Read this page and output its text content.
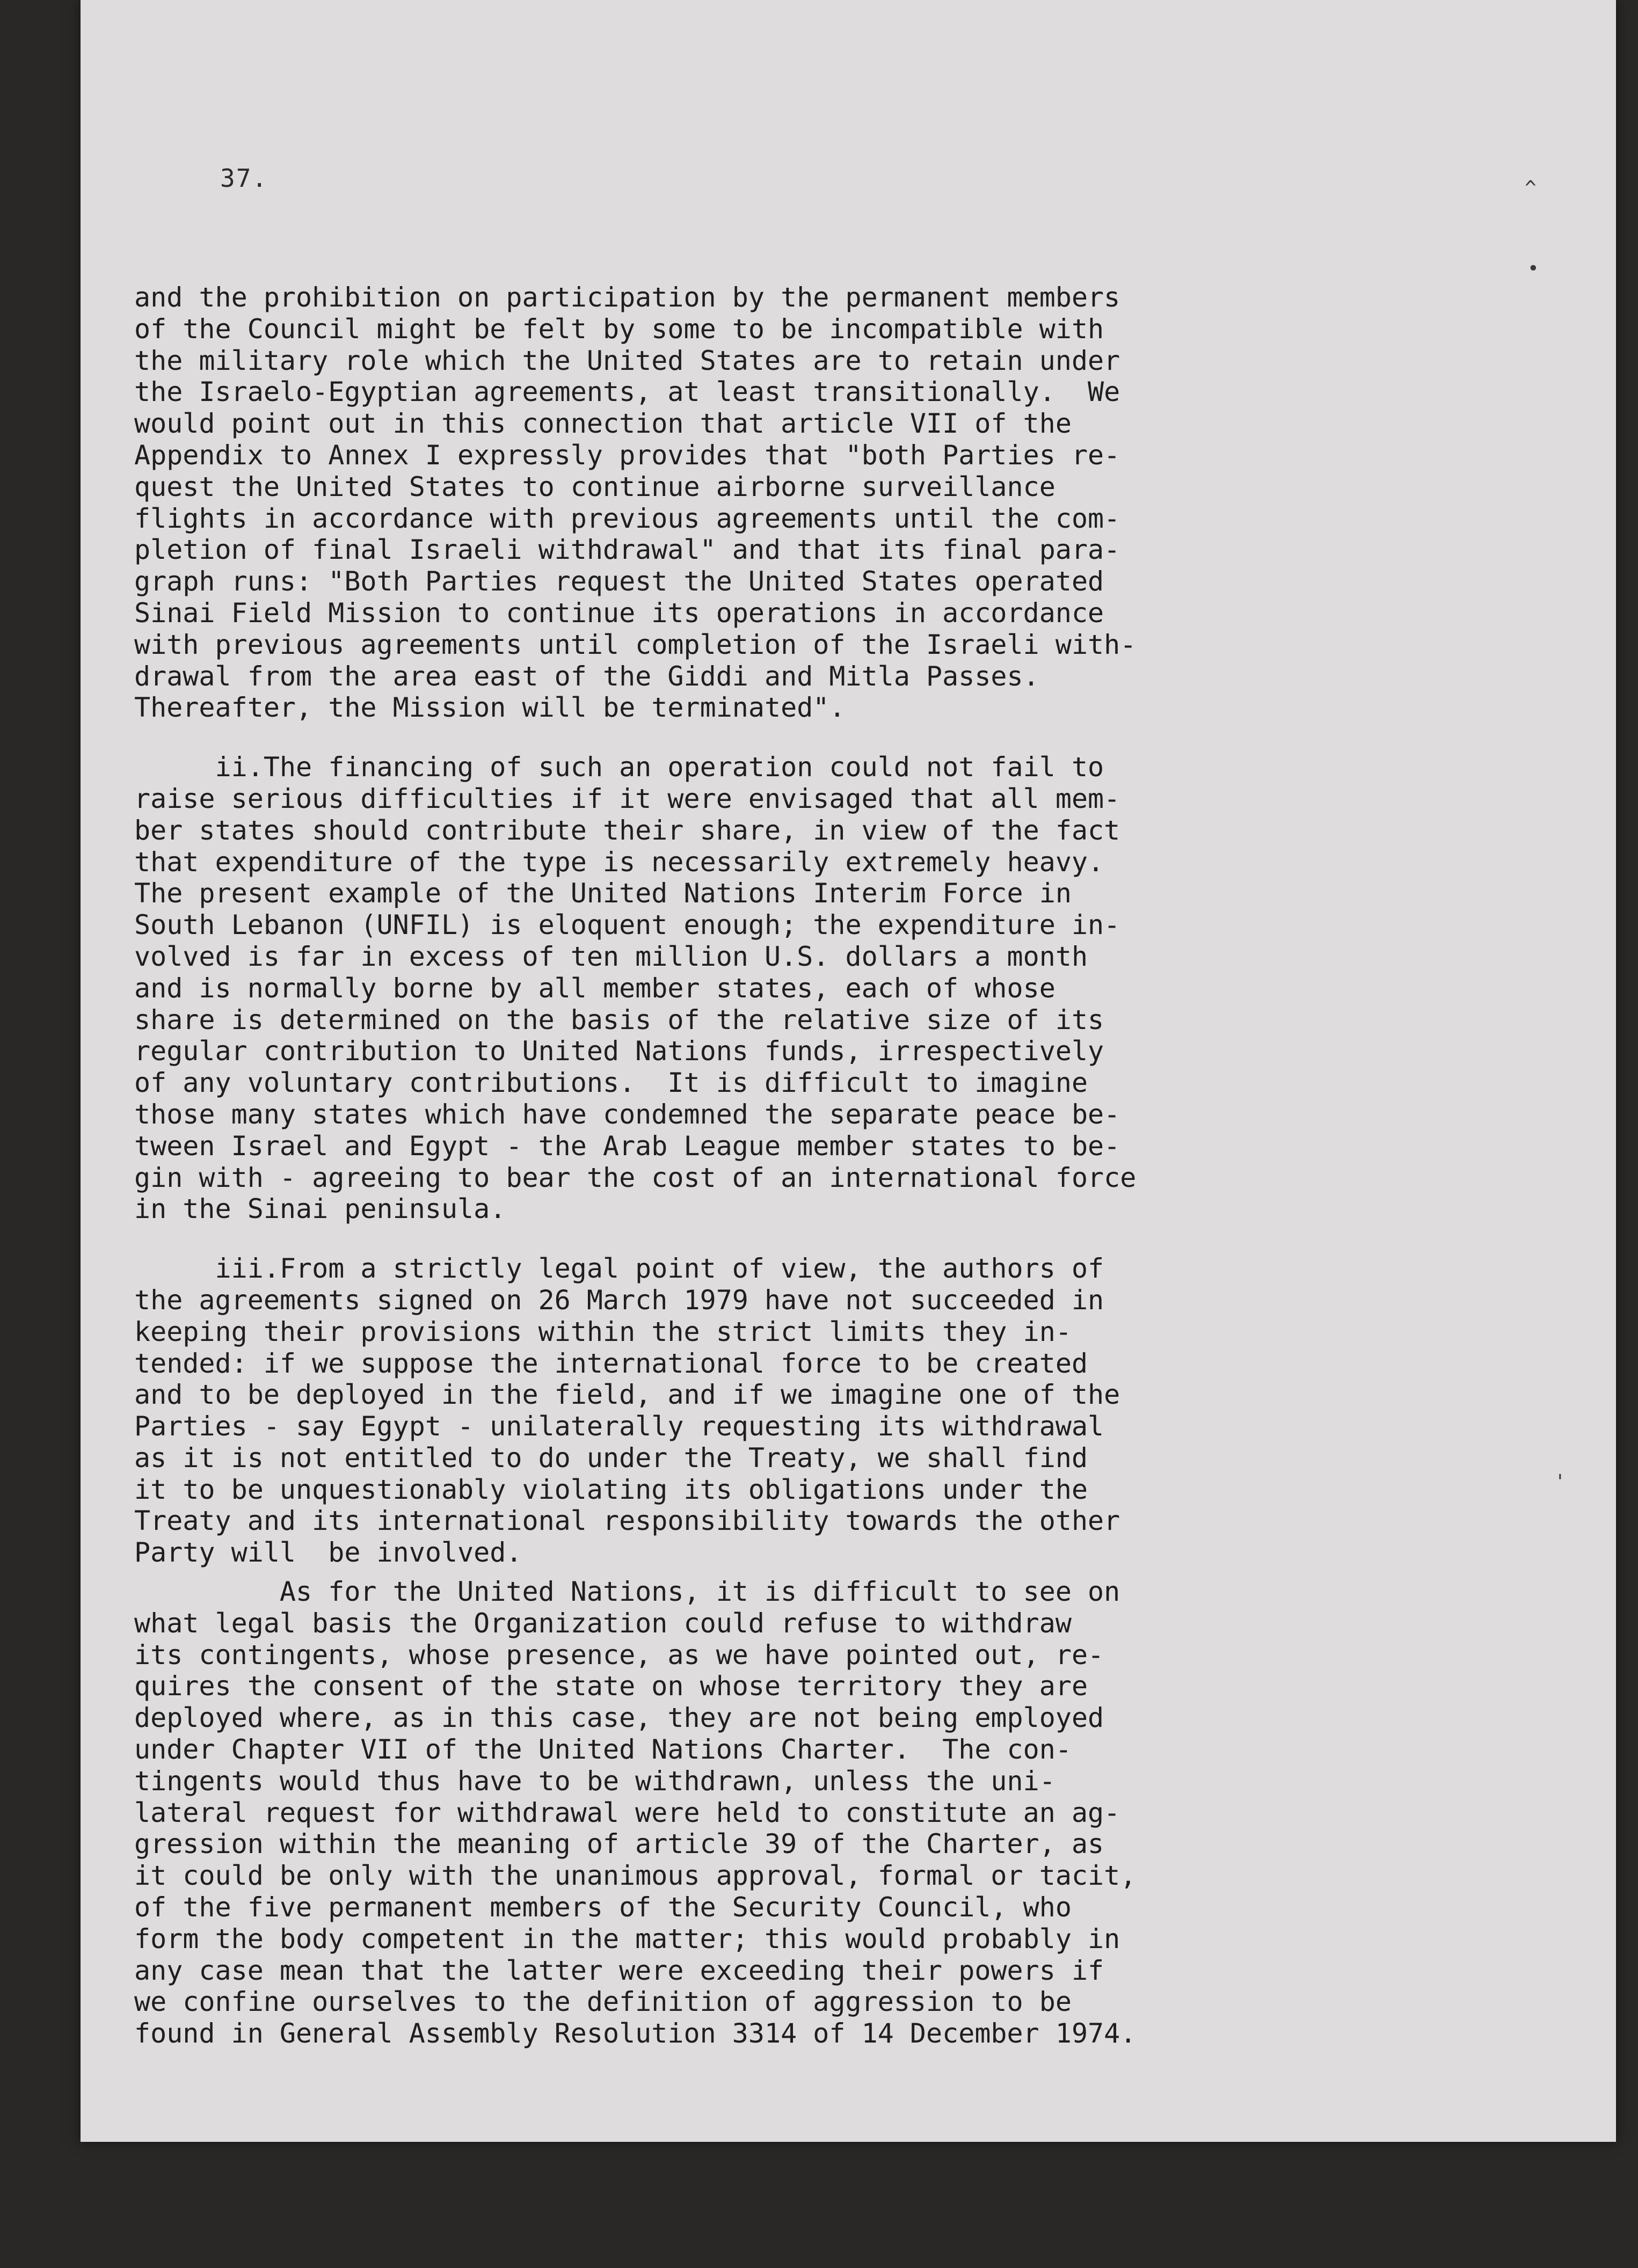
37.	^
•
'
and the prohibition on participation by the permanent members
of the Council might be felt by some to be incompatible with
the military role which the United States are to retain under
the Israelo-Egyptian agreements, at least transitionally.  We
would point out in this connection that article VII of the
Appendix to Annex I expressly provides that "both Parties re-
quest the United States to continue airborne surveillance
flights in accordance with previous agreements until the com-
pletion of final Israeli withdrawal" and that its final para-
graph runs: "Both Parties request the United States operated
Sinai Field Mission to continue its operations in accordance
with previous agreements until completion of the Israeli with-
drawal from the area east of the Giddi and Mitla Passes.
Thereafter, the Mission will be terminated".
ii.The financing of such an operation could not fail to
raise serious difficulties if it were envisaged that all mem-
ber states should contribute their share, in view of the fact
that expenditure of the type is necessarily extremely heavy.
The present example of the United Nations Interim Force in
South Lebanon (UNFIL) is eloquent enough; the expenditure in-
volved is far in excess of ten million U.S. dollars a month
and is normally borne by all member states, each of whose
share is determined on the basis of the relative size of its
regular contribution to United Nations funds, irrespectively
of any voluntary contributions.  It is difficult to imagine
those many states which have condemned the separate peace be-
tween Israel and Egypt - the Arab League member states to be-
gin with - agreeing to bear the cost of an international force
in the Sinai peninsula.
iii.From a strictly legal point of view, the authors of
the agreements signed on 26 March 1979 have not succeeded in
keeping their provisions within the strict limits they in-
tended: if we suppose the international force to be created
and to be deployed in the field, and if we imagine one of the
Parties - say Egypt - unilaterally requesting its withdrawal
as it is not entitled to do under the Treaty, we shall find
it to be unquestionably violating its obligations under the
Treaty and its international responsibility towards the other
Party will  be involved.
As for the United Nations, it is difficult to see on
what legal basis the Organization could refuse to withdraw
its contingents, whose presence, as we have pointed out, re-
quires the consent of the state on whose territory they are
deployed where, as in this case, they are not being employed
under Chapter VII of the United Nations Charter.  The con-
tingents would thus have to be withdrawn, unless the uni-
lateral request for withdrawal were held to constitute an ag-
gression within the meaning of article 39 of the Charter, as
it could be only with the unanimous approval, formal or tacit,
of the five permanent members of the Security Council, who
form the body competent in the matter; this would probably in
any case mean that the latter were exceeding their powers if
we confine ourselves to the definition of aggression to be
found in General Assembly Resolution 3314 of 14 December 1974.
